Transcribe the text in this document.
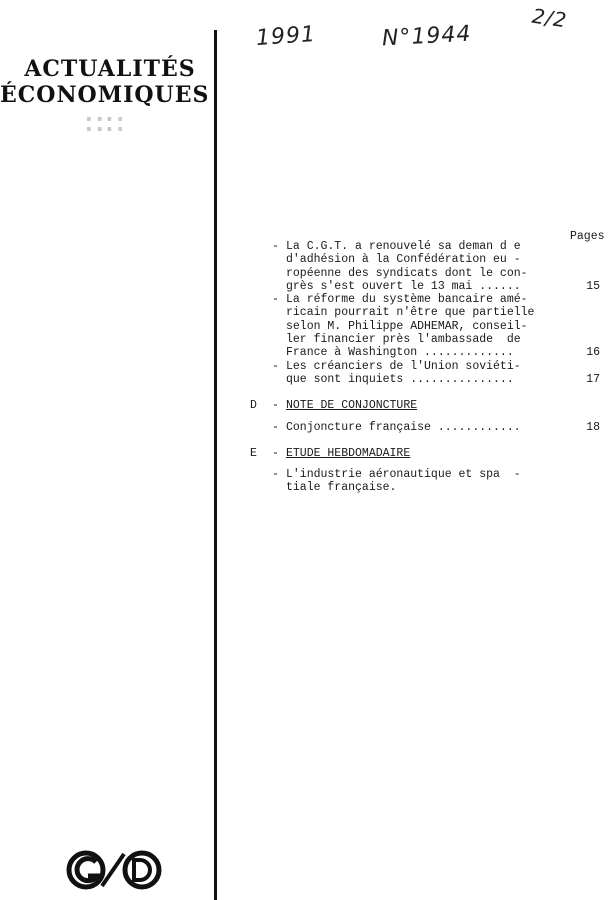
ACTUALITÉS
ÉCONOMIQUES
∷∷
1991	N°1944
2/2
Pages
- La C.G.T. a renouvelé sa deman d e
d'adhésion à la Confédération eu -
ropéenne des syndicats dont le con-
grès s'est ouvert le 13 mai ......	15
- La réforme du système bancaire amé-
ricain pourrait n'être que partielle
selon M. Philippe ADHEMAR, conseil-
ler financier près l'ambassade  de
France à Washington .............	16
- Les créanciers de l'Union soviéti-
que sont inquiets ...............	17
D - NOTE DE CONJONCTURE
- Conjoncture française ............	18
E - ETUDE HEBDOMADAIRE
- L'industrie aéronautique et spa  -
tiale française.
